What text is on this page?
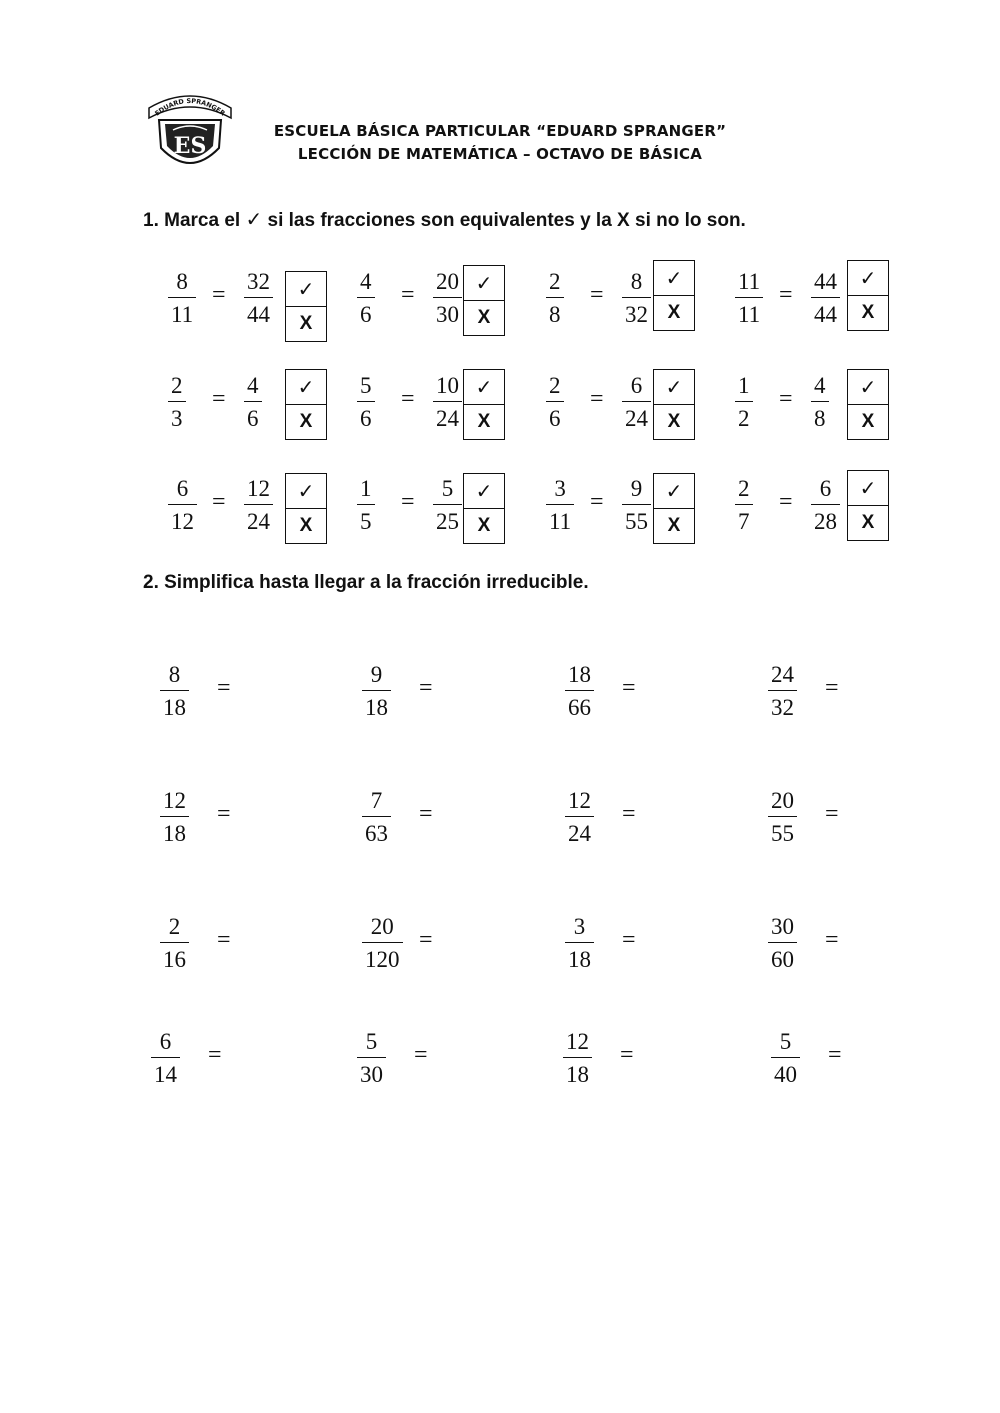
EDUARD SPRANGER
ES
ESCUELA BÁSICA PARTICULAR “EDUARD SPRANGER”
LECCIÓN DE MATEMÁTICA – OCTAVO DE BÁSICA
1. Marca el ✓ si las fracciones son equivalentes y la X si no lo son.
8
11
=
32
44
✓
X
4
6
=
20
30
✓
X
2
8
=
8
32
✓
X
11
11
=
44
44
✓
X
2
3
=
4
6
✓
X
5
6
=
10
24
✓
X
2
6
=
6
24
✓
X
1
2
=
4
8
✓
X
6
12
=
12
24
✓
X
1
5
=
5
25
✓
X
3
11
=
9
55
✓
X
2
7
=
6
28
✓
X
2. Simplifica hasta llegar a la fracción irreducible.
8
18
=
9
18
=
18
66
=
24
32
=
12
18
=
7
63
=
12
24
=
20
55
=
2
16
=
20
120
=
3
18
=
30
60
=
6
14
=
5
30
=
12
18
=
5
40
=
